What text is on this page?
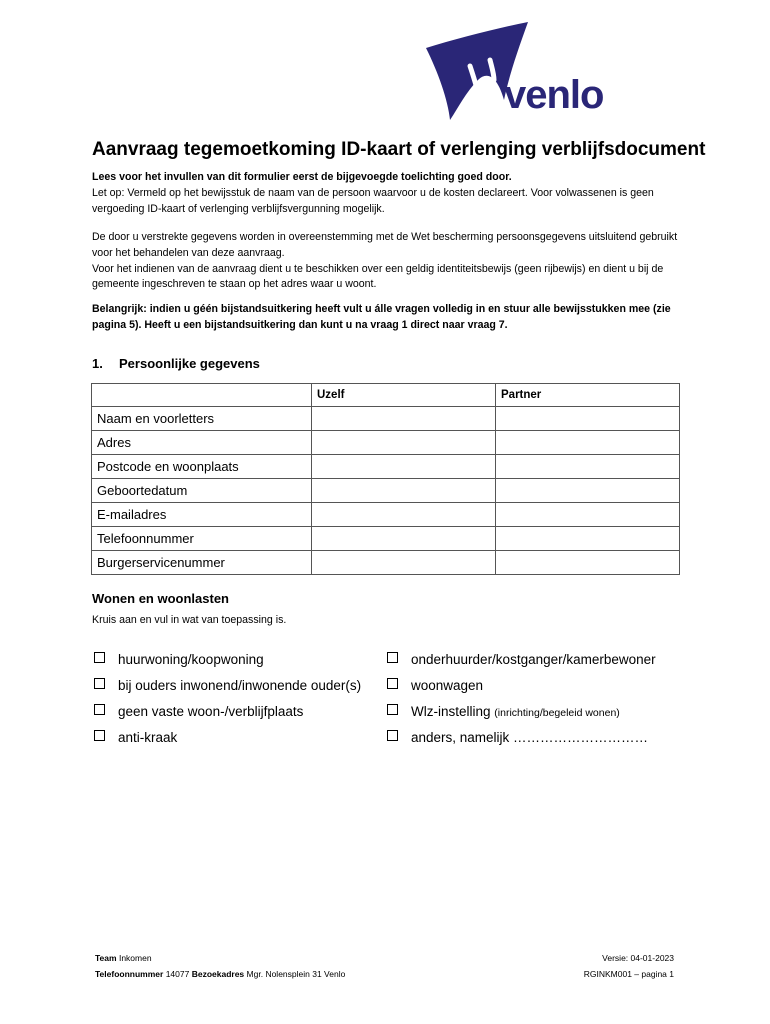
venlo
Aanvraag tegemoetkoming ID-kaart of verlenging verblijfsdocument
Lees voor het invullen van dit formulier eerst de bijgevoegde toelichting goed door.
Let op: Vermeld op het bewijsstuk de naam van de persoon waarvoor u de kosten declareert. Voor volwassenen is geen vergoeding ID-kaart of verlenging verblijfsvergunning mogelijk.
De door u verstrekte gegevens worden in overeenstemming met de Wet bescherming persoonsgegevens uitsluitend gebruikt voor het behandelen van deze aanvraag.
Voor het indienen van de aanvraag dient u te beschikken over een geldig identiteitsbewijs (geen rijbewijs) en dient u bij de gemeente ingeschreven te staan op het adres waar u woont.
Belangrijk: indien u géén bijstandsuitkering heeft vult u álle vragen volledig in en stuur alle bewijsstukken mee (zie pagina 5). Heeft u een bijstandsuitkering dan kunt u na vraag 1 direct naar vraag 7.
1. Persoonlijke gegevens
	Uzelf	Partner
Naam en voorletters		
Adres		
Postcode en woonplaats		
Geboortedatum		
E-mailadres		
Telefoonnummer		
Burgerservicenummer		
Wonen en woonlasten
Kruis aan en vul in wat van toepassing is.
huurwoning/koopwoning	onderhuurder/kostganger/kamerbewoner
bij ouders inwonend/inwonende ouder(s)	woonwagen
geen vaste woon-/verblijfplaats	Wlz-instelling (inrichting/begeleid wonen)
anti-kraak	anders, namelijk …………………………
Team Inkomen
Telefoonnummer 14077 Bezoekadres Mgr. Nolensplein 31 Venlo
Versie: 04-01-2023
RGINKM001 – pagina 1
